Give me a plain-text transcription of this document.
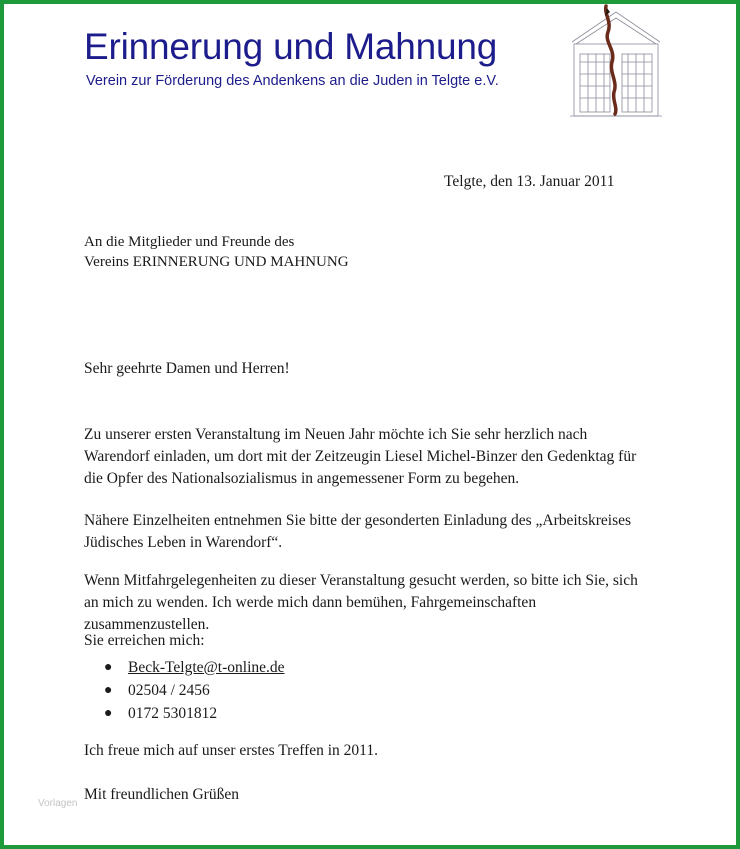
Erinnerung und Mahnung
Verein zur Förderung des Andenkens an die Juden in Telgte e.V.
Telgte, den 13. Januar 2011
An die Mitglieder und Freunde des
Vereins ERINNERUNG UND MAHNUNG
Sehr geehrte Damen und Herren!

Zu unserer ersten Veranstaltung im Neuen Jahr möchte ich Sie sehr herzlich nach Warendorf einladen, um dort mit der Zeitzeugin Liesel Michel-Binzer den Gedenktag für die Opfer des Nationalsozialismus in angemessener Form zu begehen.

Nähere Einzelheiten entnehmen Sie bitte der gesonderten Einladung des „Arbeitskreises Jüdisches Leben in Warendorf“.

Wenn Mitfahrgelegenheiten zu dieser Veranstaltung gesucht werden, so bitte ich Sie, sich an mich zu wenden. Ich werde mich dann bemühen, Fahrgemeinschaften zusammenzustellen.

Sie erreichen mich:
● Beck-Telgte@t-online.de
● 02504 / 2456
● 0172 5301812
Ich freue mich auf unser erstes Treffen in 2011.
Mit freundlichen Grüßen
Vorlagen
